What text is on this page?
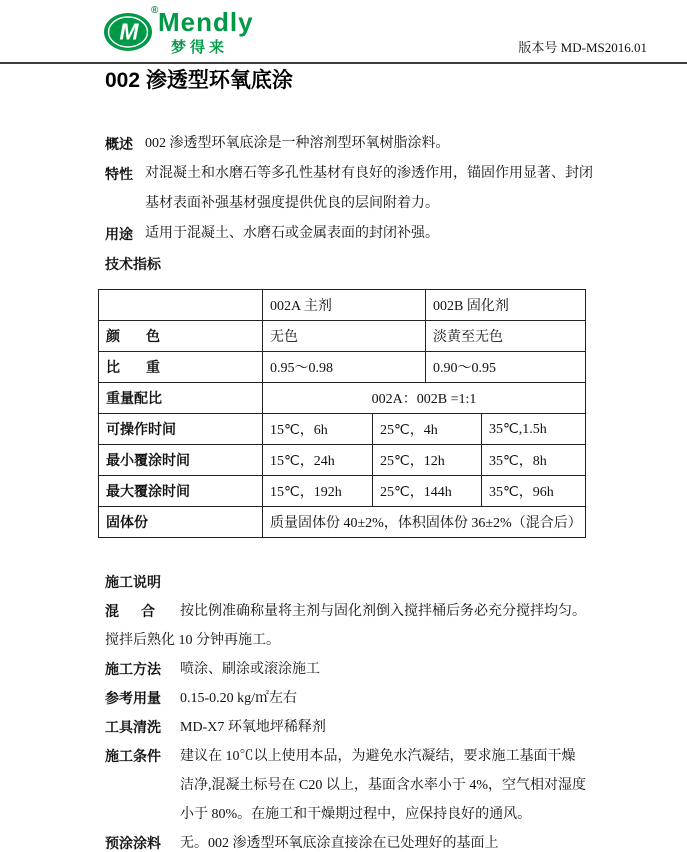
M
® Mendly
梦得来	版本号 MD-MS2016.01
002 渗透型环氧底涂
概述 002 渗透型环氧底涂是一种溶剂型环氧树脂涂料。
特性 对混凝土和水磨石等多孔性基材有良好的渗透作用，锚固作用显著、封闭基材表面补强基材强度提供优良的层间附着力。
用途 适用于混凝土、水磨石或金属表面的封闭补强。
技术指标
	002A 主剂		002B 固化剂	
颜色	无色		淡黄至无色	
比重	0.95～0.98		0.90～0.95	
重量配比	002A：002B =1:1			
可操作时间	15℃，6h	25℃，4h		35℃,1.5h
最小覆涂时间	15℃，24h	25℃，12h		35℃，8h
最大覆涂时间	15℃，192h	25℃，144h		35℃，96h
固体份	质量固体份 40±2%，体积固体份 36±2%（混合后）			
施工说明
混合 按比例准确称量将主剂与固化剂倒入搅拌桶后务必充分搅拌均匀。
搅拌后熟化 10 分钟再施工。
施工方法 喷涂、刷涂或滚涂施工
参考用量 0.15-0.20 kg/㎡左右
工具清洗 MD-X7 环氧地坪稀释剂
施工条件 建议在 10℃以上使用本品，为避免水汽凝结，要求施工基面干燥
洁净,混凝土标号在 C20 以上，基面含水率小于 4%，空气相对湿度
小于 80%。在施工和干燥期过程中，应保持良好的通风。
预涂涂料 无。002 渗透型环氧底涂直接涂在已处理好的基面上
